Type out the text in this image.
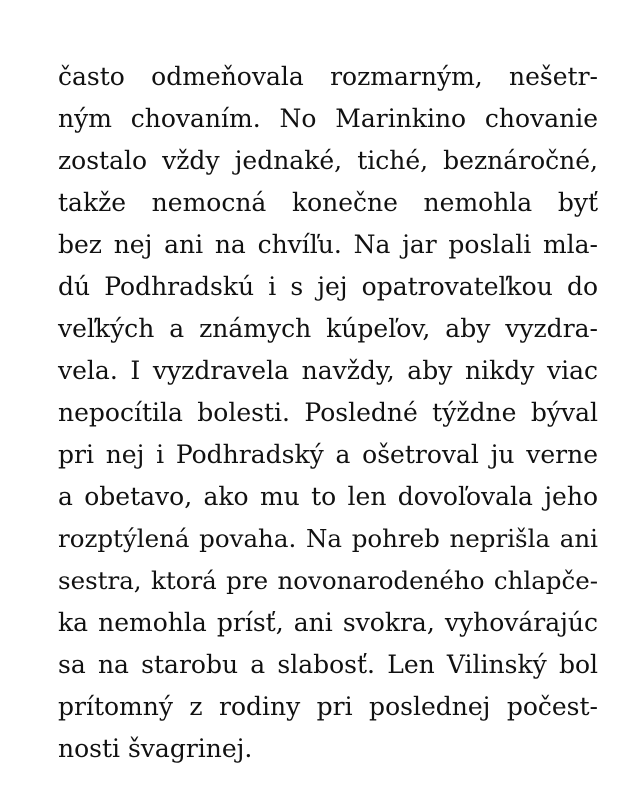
často odmeňovala rozmarným, nešetr-
ným chovaním. No Marinkino chovanie
zostalo vždy jednaké, tiché, beznáročné,
takže nemocná konečne nemohla byť
bez nej ani na chvíľu. Na jar poslali mla-
dú Podhradskú i s jej opatrovateľkou do
veľkých a známych kúpeľov, aby vyzdra-
vela. I vyzdravela navždy, aby nikdy viac
nepocítila bolesti. Posledné týždne býval
pri nej i Podhradský a ošetroval ju verne
a obetavo, ako mu to len dovoľovala jeho
rozptýlená povaha. Na pohreb neprišla ani
sestra, ktorá pre novonarodeného chlapče-
ka nemohla prísť, ani svokra, vyhovárajúc
sa na starobu a slabosť. Len Vilinský bol
prítomný z rodiny pri poslednej počest-
nosti švagrinej.
